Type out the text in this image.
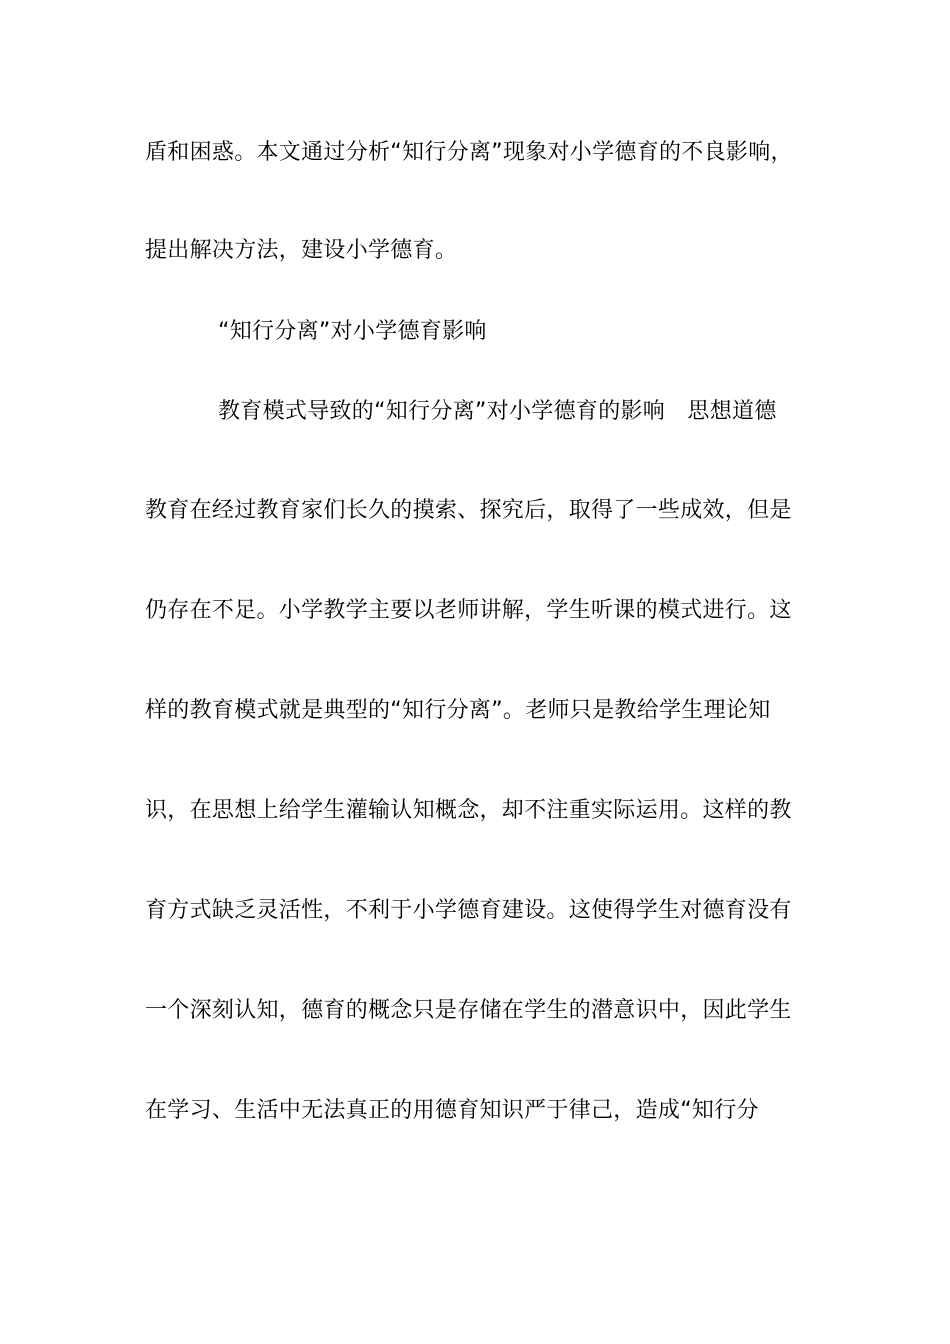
盾和困惑。本文通过分析“知行分离”现象对小学德育的不良影响，
提出解决方法，建设小学德育。
“知行分离”对小学德育影响
教育模式导致的“知行分离”对小学德育的影响　思想道德
教育在经过教育家们长久的摸索、探究后，取得了一些成效，但是
仍存在不足。小学教学主要以老师讲解，学生听课的模式进行。这
样的教育模式就是典型的“知行分离”。老师只是教给学生理论知
识，在思想上给学生灌输认知概念，却不注重实际运用。这样的教
育方式缺乏灵活性，不利于小学德育建设。这使得学生对德育没有
一个深刻认知，德育的概念只是存储在学生的潜意识中，因此学生
在学习、生活中无法真正的用德育知识严于律己，造成“知行分
